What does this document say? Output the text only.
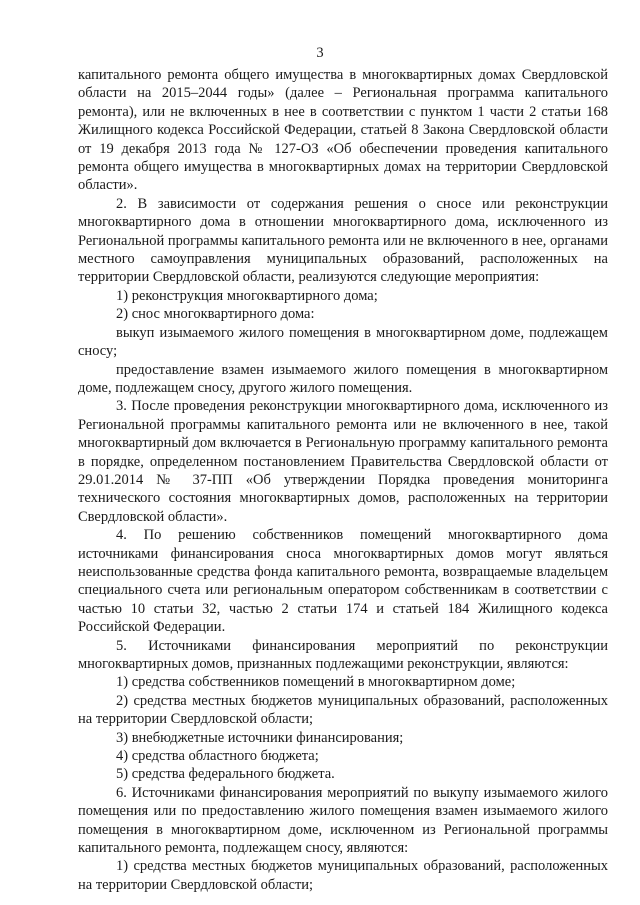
3

капитального ремонта общего имущества в многоквартирных домах Свердловской области на 2015–2044 годы» (далее – Региональная программа капитального ремонта), или не включенных в нее в соответствии с пунктом 1 части 2 статьи 168 Жилищного кодекса Российской Федерации, статьей 8 Закона Свердловской области от 19 декабря 2013 года № 127-ОЗ «Об обеспечении проведения капитального ремонта общего имущества в многоквартирных домах на территории Свердловской области».

2. В зависимости от содержания решения о сносе или реконструкции многоквартирного дома в отношении многоквартирного дома, исключенного из Региональной программы капитального ремонта или не включенного в нее, органами местного самоуправления муниципальных образований, расположенных на территории Свердловской области, реализуются следующие мероприятия:

1) реконструкция многоквартирного дома;

2) снос многоквартирного дома:

выкуп изымаемого жилого помещения в многоквартирном доме, подлежащем сносу;

предоставление взамен изымаемого жилого помещения в многоквартирном доме, подлежащем сносу, другого жилого помещения.

3. После проведения реконструкции многоквартирного дома, исключенного из Региональной программы капитального ремонта или не включенного в нее, такой многоквартирный дом включается в Региональную программу капитального ремонта в порядке, определенном постановлением Правительства Свердловской области от 29.01.2014 № 37-ПП «Об утверждении Порядка проведения мониторинга технического состояния многоквартирных домов, расположенных на территории Свердловской области».

4. По решению собственников помещений многоквартирного дома источниками финансирования сноса многоквартирных домов могут являться неиспользованные средства фонда капитального ремонта, возвращаемые владельцем специального счета или региональным оператором собственникам в соответствии с частью 10 статьи 32, частью 2 статьи 174 и статьей 184 Жилищного кодекса Российской Федерации.

5. Источниками финансирования мероприятий по реконструкции многоквартирных домов, признанных подлежащими реконструкции, являются:

1) средства собственников помещений в многоквартирном доме;

2) средства местных бюджетов муниципальных образований, расположенных на территории Свердловской области;

3) внебюджетные источники финансирования;

4) средства областного бюджета;

5) средства федерального бюджета.

6. Источниками финансирования мероприятий по выкупу изымаемого жилого помещения или по предоставлению жилого помещения взамен изымаемого жилого помещения в многоквартирном доме, исключенном из Региональной программы капитального ремонта, подлежащем сносу, являются:

1) средства местных бюджетов муниципальных образований, расположенных на территории Свердловской области;
